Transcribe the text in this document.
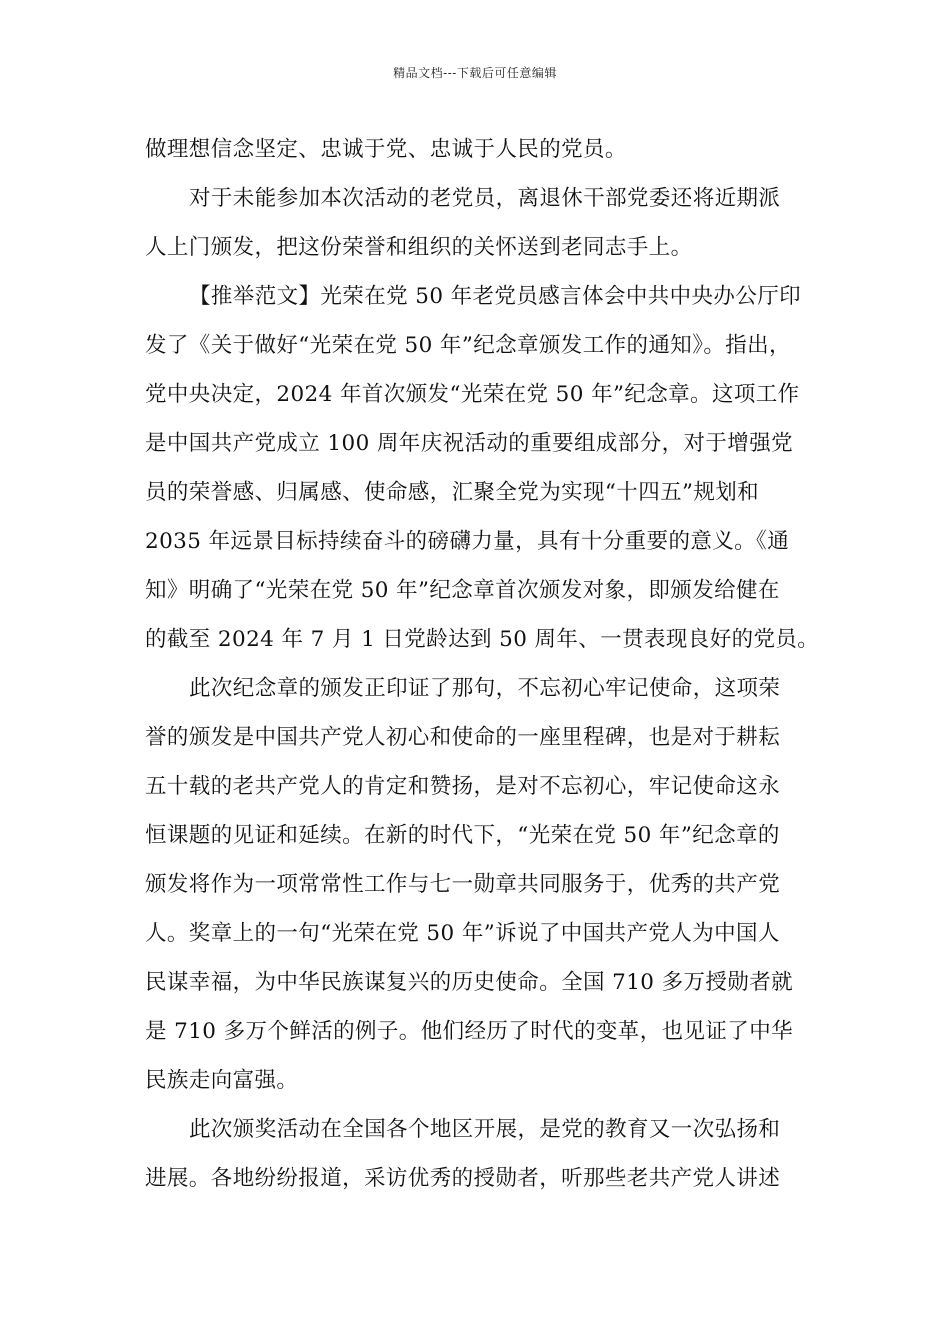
精品文档---下载后可任意编辑
做理想信念坚定、忠诚于党、忠诚于人民的党员。
对于未能参加本次活动的老党员，离退休干部党委还将近期派
人上门颁发，把这份荣誉和组织的关怀送到老同志手上。
【推举范文】光荣在党 50 年老党员感言体会中共中央办公厅印
发了《关于做好“光荣在党 50 年”纪念章颁发工作的通知》。指出，
党中央决定，2024 年首次颁发“光荣在党 50 年”纪念章。这项工作
是中国共产党成立 100 周年庆祝活动的重要组成部分，对于增强党
员的荣誉感、归属感、使命感，汇聚全党为实现“十四五”规划和
2035 年远景目标持续奋斗的磅礴力量，具有十分重要的意义。《通
知》明确了“光荣在党 50 年”纪念章首次颁发对象，即颁发给健在
的截至 2024 年 7 月 1 日党龄达到 50 周年、一贯表现良好的党员。
此次纪念章的颁发正印证了那句，不忘初心牢记使命，这项荣
誉的颁发是中国共产党人初心和使命的一座里程碑，也是对于耕耘
五十载的老共产党人的肯定和赞扬，是对不忘初心，牢记使命这永
恒课题的见证和延续。在新的时代下，“光荣在党 50 年”纪念章的
颁发将作为一项常常性工作与七一勋章共同服务于，优秀的共产党
人。奖章上的一句“光荣在党 50 年”诉说了中国共产党人为中国人
民谋幸福，为中华民族谋复兴的历史使命。全国 710 多万授勋者就
是 710 多万个鲜活的例子。他们经历了时代的变革，也见证了中华
民族走向富强。
此次颁奖活动在全国各个地区开展，是党的教育又一次弘扬和
进展。各地纷纷报道，采访优秀的授勋者，听那些老共产党人讲述
